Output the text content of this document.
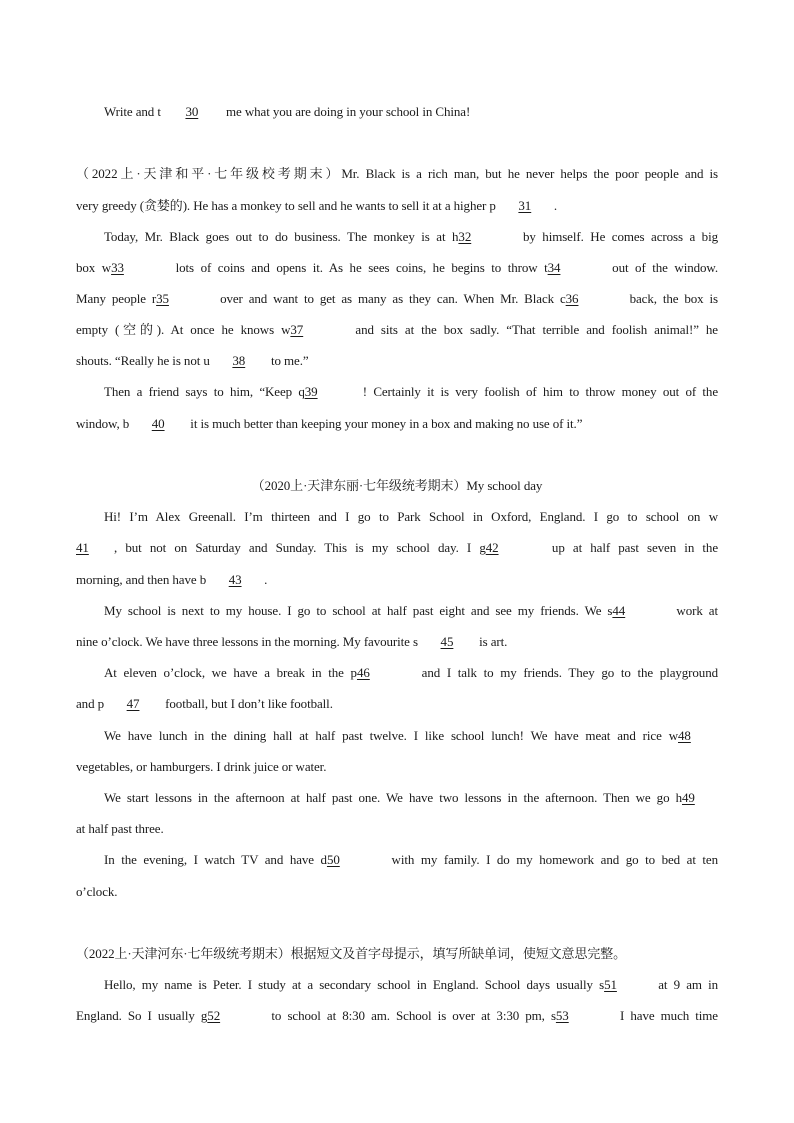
Write and t 30 me what you are doing in your school in China!
（2022上·天津和平·七年级校考期末）Mr. Black is a rich man, but he never helps the poor people and is
very greedy (贪婪的). He has a monkey to sell and he wants to sell it at a higher p 31 .
Today, Mr. Black goes out to do business. The monkey is at h32	by himself. He comes across a big
box w33	lots of coins and opens it. As he sees coins, he begins to throw t34	out of the window.
Many people r35	over and want to get as many as they can. When Mr. Black c36	back, the box is
empty (空的). At once he knows w37	and sits at the box sadly. “That terrible and foolish animal!” he
shouts. “Really he is not u 38 to me.”
Then a friend says to him, “Keep q39	! Certainly it is very foolish of him to throw money out of the
window, b 40 it is much better than keeping your money in a box and making no use of it.”
（2020上·天津东丽·七年级统考期末）My school day
Hi! I’m Alex Greenall. I’m thirteen and I go to Park School in Oxford, England. I go to school on w
41 , but not on Saturday and Sunday. This is my school day. I g42	up at half past seven in the
morning, and then have b 43 .
My school is next to my house. I go to school at half past eight and see my friends. We s44	work at
nine o’clock. We have three lessons in the morning. My favourite s 45 is art.
At eleven o’clock, we have a break in the p46	and I talk to my friends. They go to the playground
and p 47 football, but I don’t like football.
We have lunch in the dining hall at half past twelve. I like school lunch! We have meat and rice w48
vegetables, or hamburgers. I drink juice or water.
We start lessons in the afternoon at half past one. We have two lessons in the afternoon. Then we go h49
at half past three.
In the evening, I watch TV and have d50	with my family. I do my homework and go to bed at ten
o’clock.
（2022上·天津河东·七年级统考期末）根据短文及首字母提示，填写所缺单词，使短文意思完整。
Hello, my name is Peter. I study at a secondary school in England. School days usually s51	at 9 am in
England. So I usually g52	to school at 8:30 am. School is over at 3:30 pm, s53	I have much time
